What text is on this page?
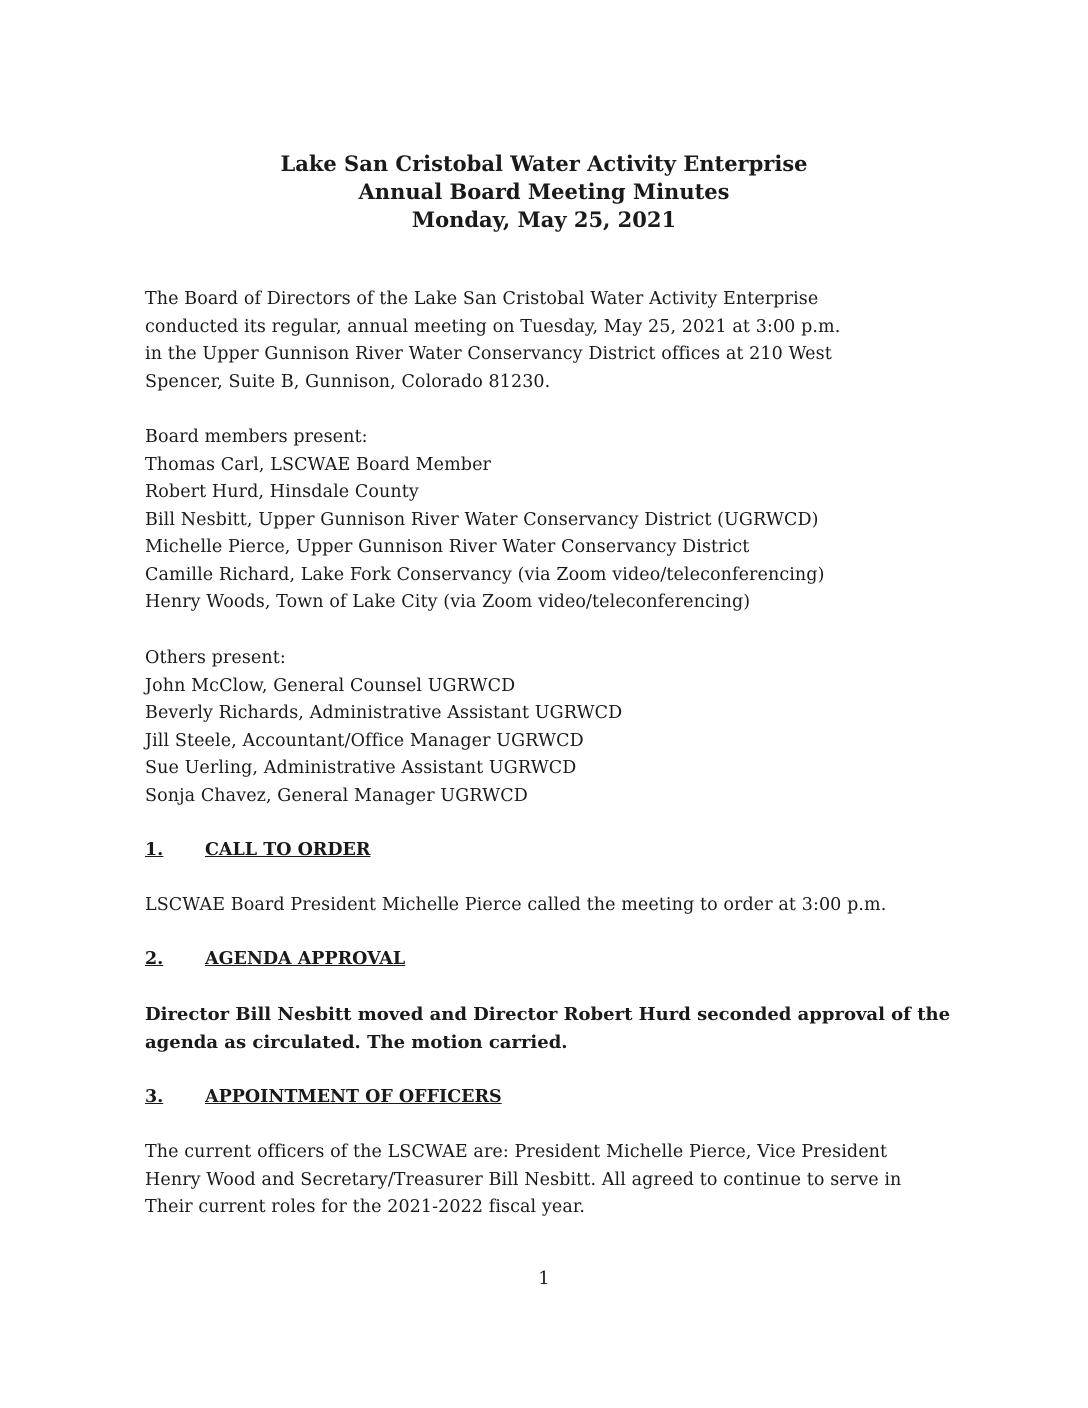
Lake San Cristobal Water Activity Enterprise
Annual Board Meeting Minutes
Monday, May 25, 2021
The Board of Directors of the Lake San Cristobal Water Activity Enterprise
conducted its regular, annual meeting on Tuesday, May 25, 2021 at 3:00 p.m.
in the Upper Gunnison River Water Conservancy District offices at 210 West
Spencer, Suite B, Gunnison, Colorado 81230.
Board members present:
Thomas Carl, LSCWAE Board Member
Robert Hurd, Hinsdale County
Bill Nesbitt, Upper Gunnison River Water Conservancy District (UGRWCD)
Michelle Pierce, Upper Gunnison River Water Conservancy District
Camille Richard, Lake Fork Conservancy (via Zoom video/teleconferencing)
Henry Woods, Town of Lake City (via Zoom video/teleconferencing)
Others present:
John McClow, General Counsel UGRWCD
Beverly Richards, Administrative Assistant UGRWCD
Jill Steele, Accountant/Office Manager UGRWCD
Sue Uerling, Administrative Assistant UGRWCD
Sonja Chavez, General Manager UGRWCD
1. CALL TO ORDER
LSCWAE Board President Michelle Pierce called the meeting to order at 3:00 p.m.
2. AGENDA APPROVAL
Director Bill Nesbitt moved and Director Robert Hurd seconded approval of the
agenda as circulated. The motion carried.
3. APPOINTMENT OF OFFICERS
The current officers of the LSCWAE are: President Michelle Pierce, Vice President
Henry Wood and Secretary/Treasurer Bill Nesbitt. All agreed to continue to serve in
Their current roles for the 2021-2022 fiscal year.
1
